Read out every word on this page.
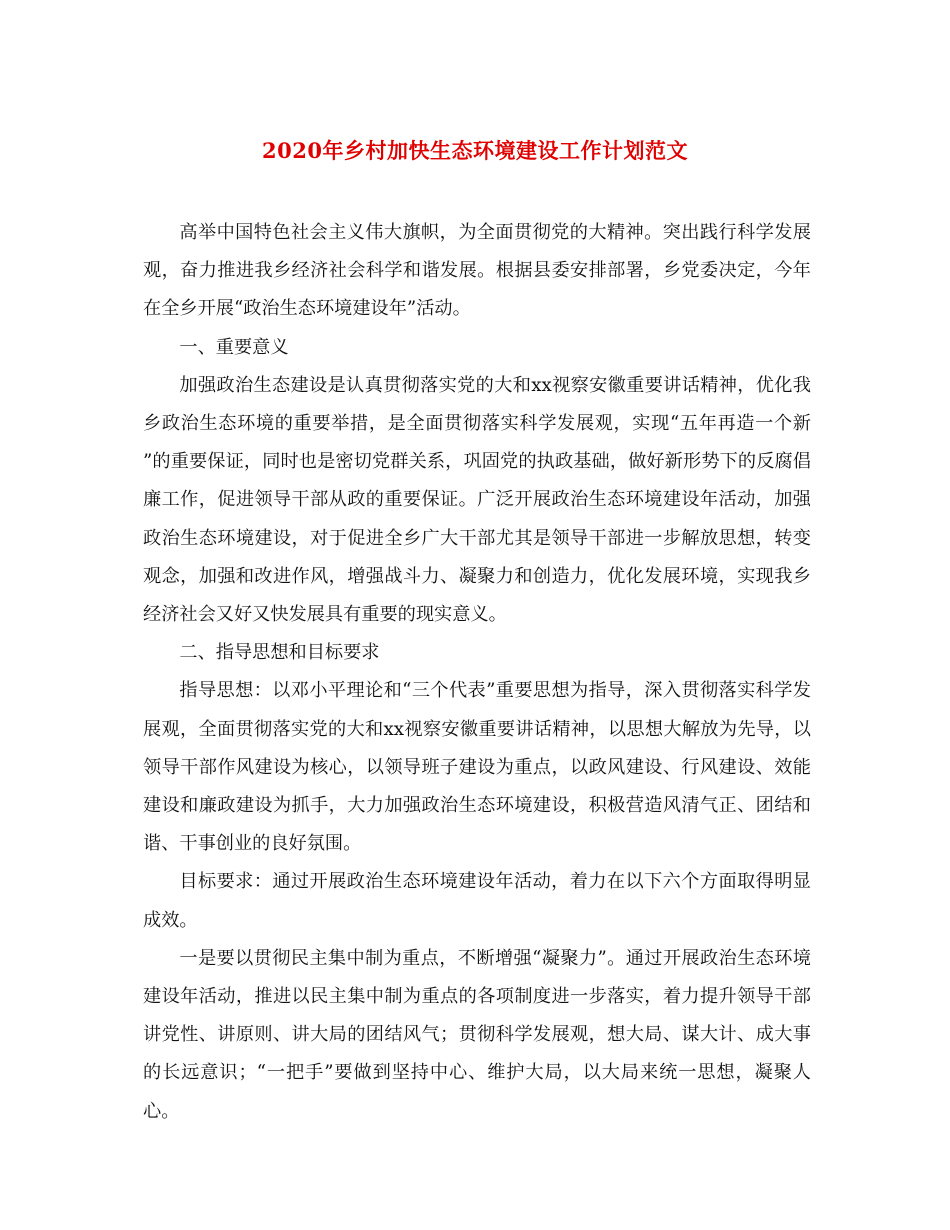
2020年乡村加快生态环境建设工作计划范文

高举中国特色社会主义伟大旗帜，为全面贯彻党的大精神。突出践行科学发展观，奋力推进我乡经济社会科学和谐发展。根据县委安排部署，乡党委决定，今年在全乡开展“政治生态环境建设年”活动。

一、重要意义

加强政治生态建设是认真贯彻落实党的大和xx视察安徽重要讲话精神，优化我乡政治生态环境的重要举措，是全面贯彻落实科学发展观，实现“五年再造一个新 ”的重要保证，同时也是密切党群关系，巩固党的执政基础，做好新形势下的反腐倡廉工作，促进领导干部从政的重要保证。广泛开展政治生态环境建设年活动，加强政治生态环境建设，对于促进全乡广大干部尤其是领导干部进一步解放思想，转变观念，加强和改进作风，增强战斗力、凝聚力和创造力，优化发展环境，实现我乡经济社会又好又快发展具有重要的现实意义。

二、指导思想和目标要求

指导思想：以邓小平理论和“三个代表”重要思想为指导，深入贯彻落实科学发展观，全面贯彻落实党的大和xx视察安徽重要讲话精神，以思想大解放为先导，以领导干部作风建设为核心，以领导班子建设为重点，以政风建设、行风建设、效能建设和廉政建设为抓手，大力加强政治生态环境建设，积极营造风清气正、团结和谐、干事创业的良好氛围。

目标要求：通过开展政治生态环境建设年活动，着力在以下六个方面取得明显成效。

一是要以贯彻民主集中制为重点，不断增强“凝聚力”。通过开展政治生态环境建设年活动，推进以民主集中制为重点的各项制度进一步落实，着力提升领导干部讲党性、讲原则、讲大局的团结风气；贯彻科学发展观，想大局、谋大计、成大事的长远意识；“一把手”要做到坚持中心、维护大局，以大局来统一思想，凝聚人心。
